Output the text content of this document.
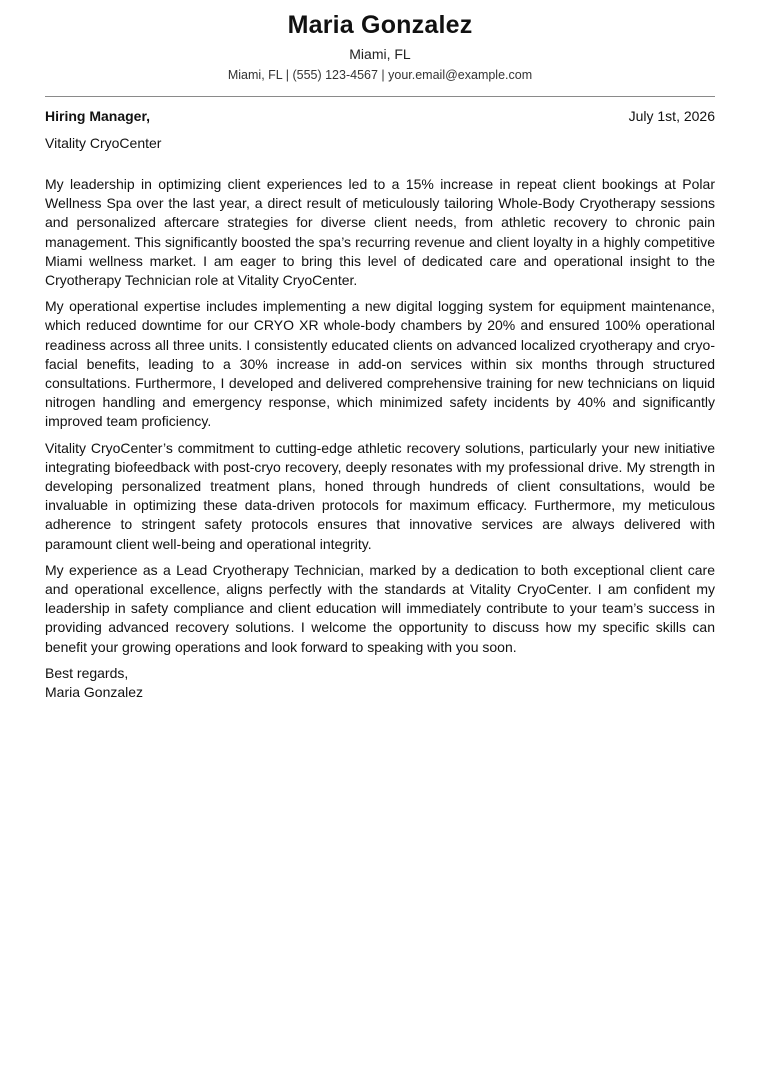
Maria Gonzalez
Miami, FL
Miami, FL | (555) 123-4567 | your.email@example.com
Hiring Manager,	July 1st, 2026
Vitality CryoCenter

My leadership in optimizing client experiences led to a 15% increase in repeat client bookings at Polar Wellness Spa over the last year, a direct result of meticulously tailoring Whole-Body Cryotherapy sessions and personalized aftercare strategies for diverse client needs, from athletic recovery to chronic pain management. This significantly boosted the spa’s recurring revenue and client loyalty in a highly competitive Miami wellness market. I am eager to bring this level of dedicated care and operational insight to the Cryotherapy Technician role at Vitality CryoCenter.

My operational expertise includes implementing a new digital logging system for equipment maintenance, which reduced downtime for our CRYO XR whole-body chambers by 20% and ensured 100% operational readiness across all three units. I consistently educated clients on advanced localized cryotherapy and cryo-facial benefits, leading to a 30% increase in add-on services within six months through structured consultations. Furthermore, I developed and delivered comprehensive training for new technicians on liquid nitrogen handling and emergency response, which minimized safety incidents by 40% and significantly improved team proficiency.

Vitality CryoCenter’s commitment to cutting-edge athletic recovery solutions, particularly your new initiative integrating biofeedback with post-cryo recovery, deeply resonates with my professional drive. My strength in developing personalized treatment plans, honed through hundreds of client consultations, would be invaluable in optimizing these data-driven protocols for maximum efficacy. Furthermore, my meticulous adherence to stringent safety protocols ensures that innovative services are always delivered with paramount client well-being and operational integrity.

My experience as a Lead Cryotherapy Technician, marked by a dedication to both exceptional client care and operational excellence, aligns perfectly with the standards at Vitality CryoCenter. I am confident my leadership in safety compliance and client education will immediately contribute to your team’s success in providing advanced recovery solutions. I welcome the opportunity to discuss how my specific skills can benefit your growing operations and look forward to speaking with you soon.

Best regards,
Maria Gonzalez
